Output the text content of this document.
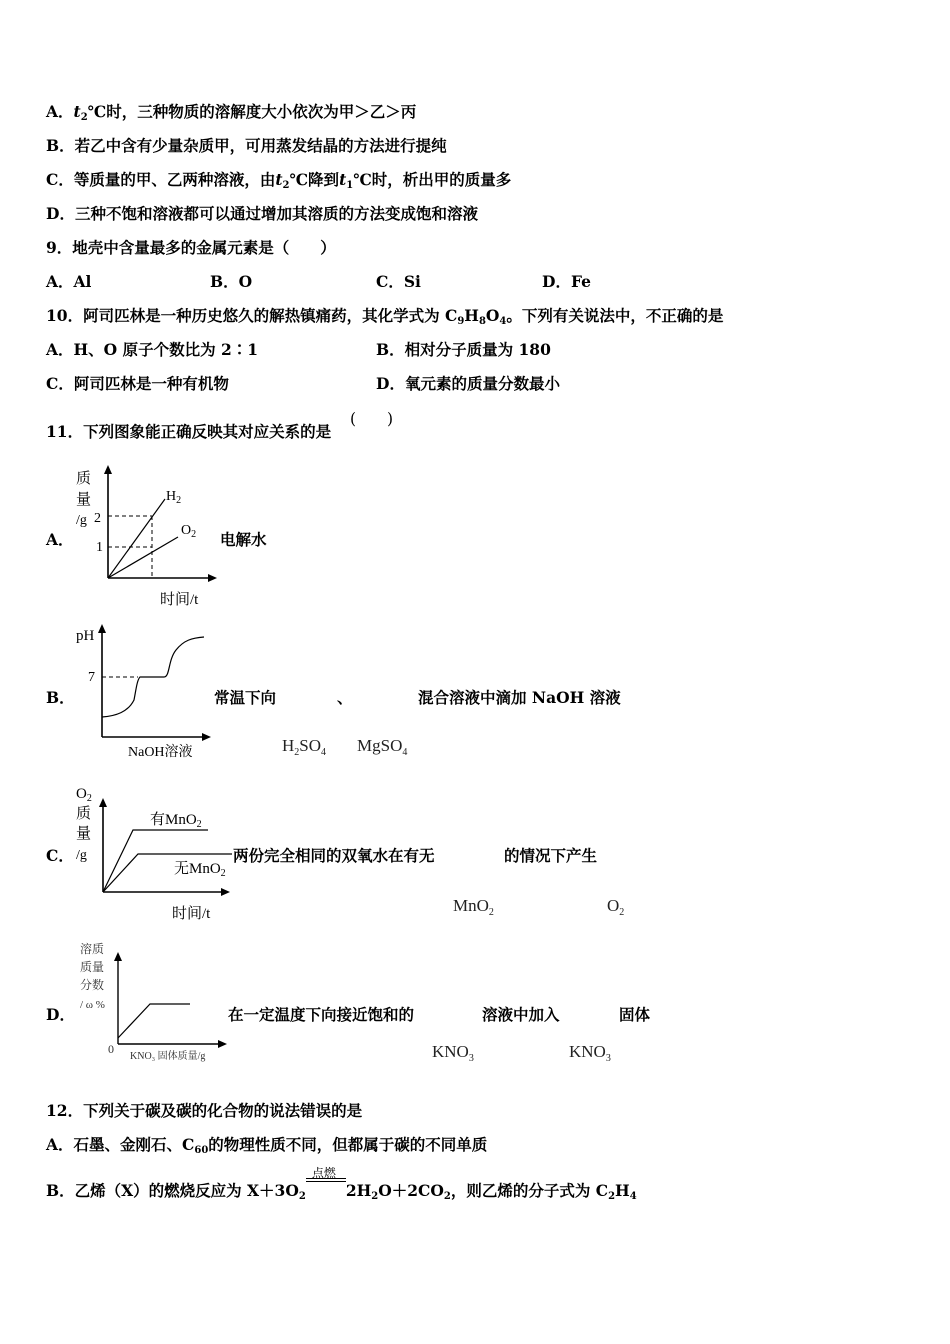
A．$t_2℃$时，三种物质的溶解度大小依次为甲＞乙＞丙
B．若乙中含有少量杂质甲，可用蒸发结晶的方法进行提纯
C．等质量的甲、乙两种溶液，由$t_2℃$降到$t_1℃$时，析出甲的质量多
D．三种不饱和溶液都可以通过增加其溶质的方法变成饱和溶液
9．地壳中含量最多的金属元素是（　　）
A．Al	B．O	C．Si	D．Fe
10．阿司匹林是一种历史悠久的解热镇痛药，其化学式为 $C_9H_8O_4$。下列有关说法中，不正确的是
A．H、O 原子个数比为 2∶1	B．相对分子质量为 180
C．阿司匹林是一种有机物	D．氧元素的质量分数最小
11．下列图象能正确反映其对应关系的是
(　　)
A．
质
量
/g 2
1
$H_2$
$O_2$
时间/t
电解水
B．
pH
7
NaOH溶液
常温下向	、	混合溶液中滴加 NaOH 溶液
$H_2SO_4$ MgSO$_4$
C．
$O_2$
质
量
/g
有MnO$_2$
无MnO$_2$
时间/t
两份完全相同的双氧水在有无	的情况下产生
MnO$_2$	$O_2$
D．
溶质
质量
分数
/ ω %
0
KNO₃ 固体质量/g
在一定温度下向接近饱和的	溶液中加入	固体
$KNO_3$	$KNO_3$
12．下列关于碳及碳的化合物的说法错误的是
A．石墨、金刚石、$C_{60}$的物理性质不同，但都属于碳的不同单质
B．乙烯（X）的燃烧反应为 $X+3O_2$
点燃
$2H_2O+2CO_2$，则乙烯的分子式为 $C_2H_4$
